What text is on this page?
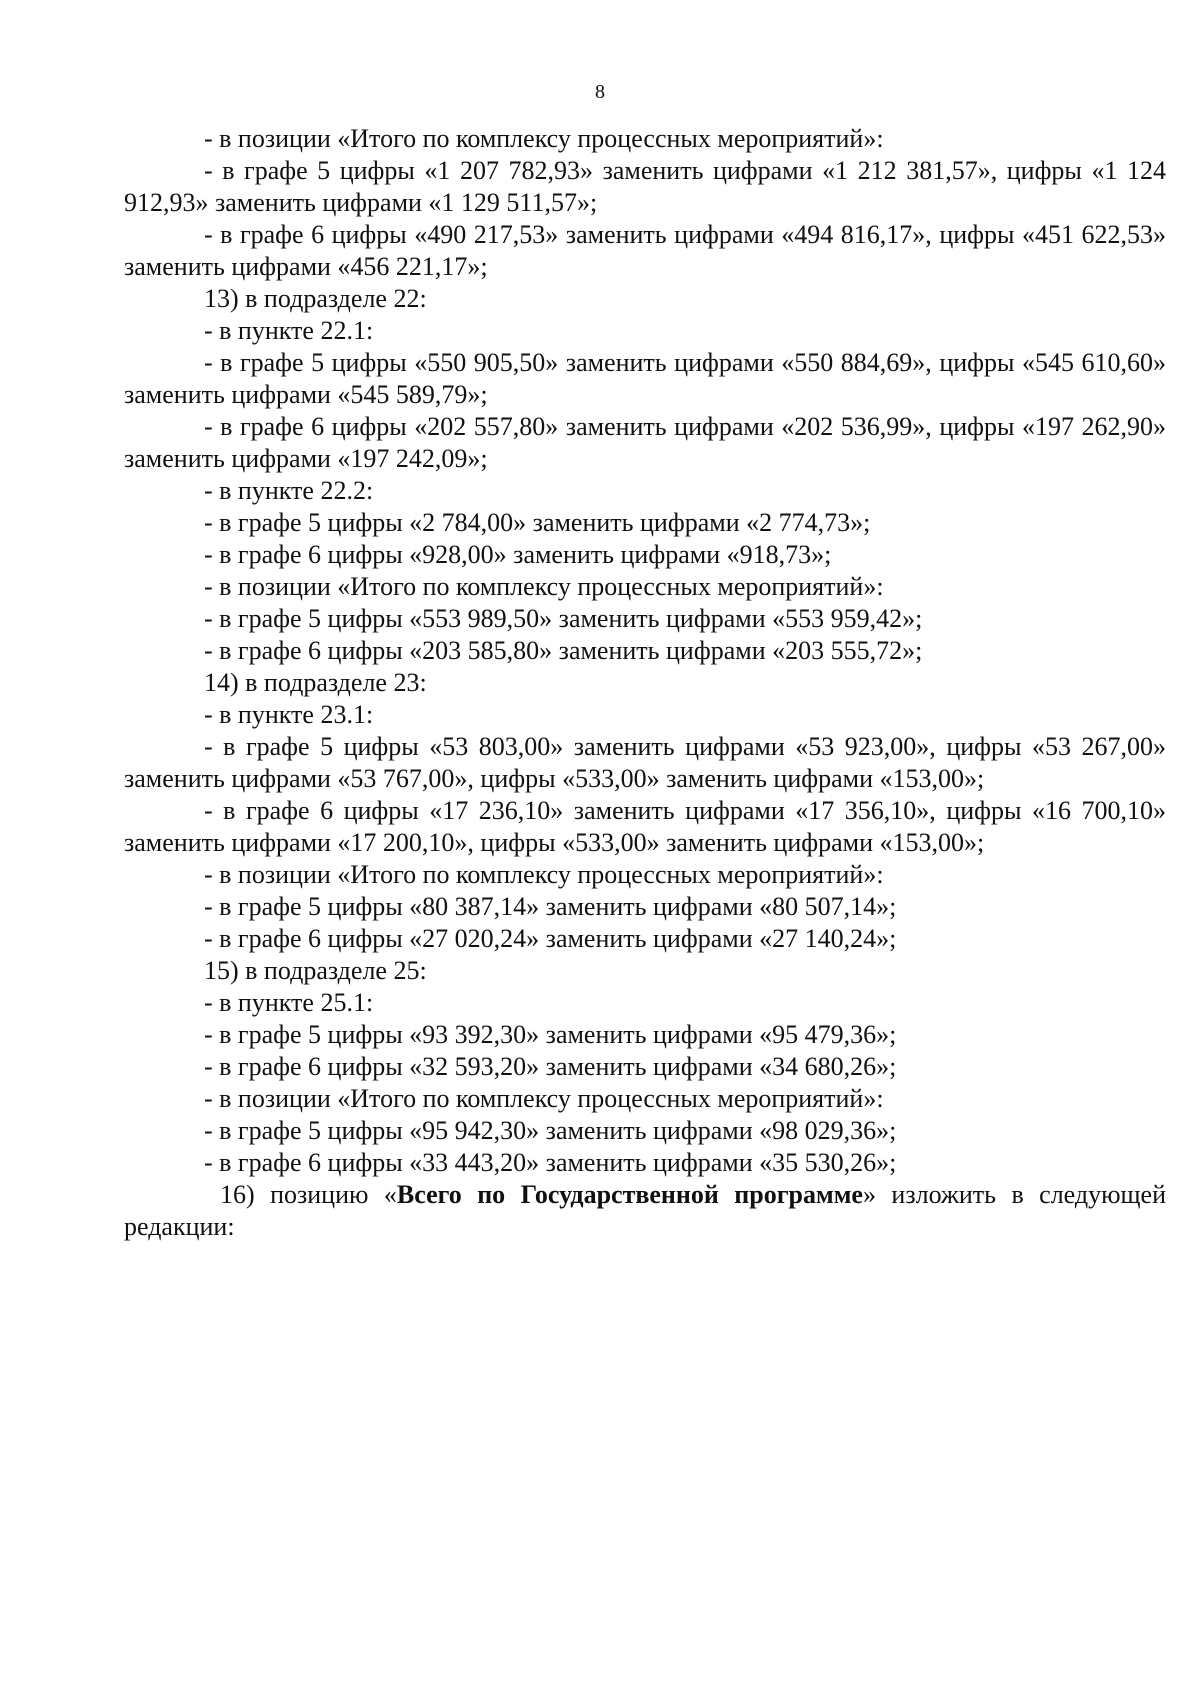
8

- в позиции «Итого по комплексу процессных мероприятий»:

- в графе 5 цифры «1 207 782,93» заменить цифрами «1 212 381,57», цифры «1 124 912,93» заменить цифрами «1 129 511,57»;

- в графе 6 цифры «490 217,53» заменить цифрами «494 816,17», цифры «451 622,53» заменить цифрами «456 221,17»;

13) в подразделе 22:

- в пункте 22.1:

- в графе 5 цифры «550 905,50» заменить цифрами «550 884,69», цифры «545 610,60» заменить цифрами «545 589,79»;

- в графе 6 цифры «202 557,80» заменить цифрами «202 536,99», цифры «197 262,90» заменить цифрами «197 242,09»;

- в пункте 22.2:

- в графе 5 цифры «2 784,00» заменить цифрами «2 774,73»;

- в графе 6 цифры «928,00» заменить цифрами «918,73»;

- в позиции «Итого по комплексу процессных мероприятий»:

- в графе 5 цифры «553 989,50» заменить цифрами «553 959,42»;

- в графе 6 цифры «203 585,80» заменить цифрами «203 555,72»;

14) в подразделе 23:

- в пункте 23.1:

- в графе 5 цифры «53 803,00» заменить цифрами «53 923,00», цифры «53 267,00» заменить цифрами «53 767,00», цифры «533,00» заменить цифрами «153,00»;

- в графе 6 цифры «17 236,10» заменить цифрами «17 356,10», цифры «16 700,10» заменить цифрами «17 200,10», цифры «533,00» заменить цифрами «153,00»;

- в позиции «Итого по комплексу процессных мероприятий»:

- в графе 5 цифры «80 387,14» заменить цифрами «80 507,14»;

- в графе 6 цифры «27 020,24» заменить цифрами «27 140,24»;

15) в подразделе 25:

- в пункте 25.1:

- в графе 5 цифры «93 392,30» заменить цифрами «95 479,36»;

- в графе 6 цифры «32 593,20» заменить цифрами «34 680,26»;

- в позиции «Итого по комплексу процессных мероприятий»:

- в графе 5 цифры «95 942,30» заменить цифрами «98 029,36»;

- в графе 6 цифры «33 443,20» заменить цифрами «35 530,26»;

16) позицию «Всего по Государственной программе» изложить в следующей редакции:
